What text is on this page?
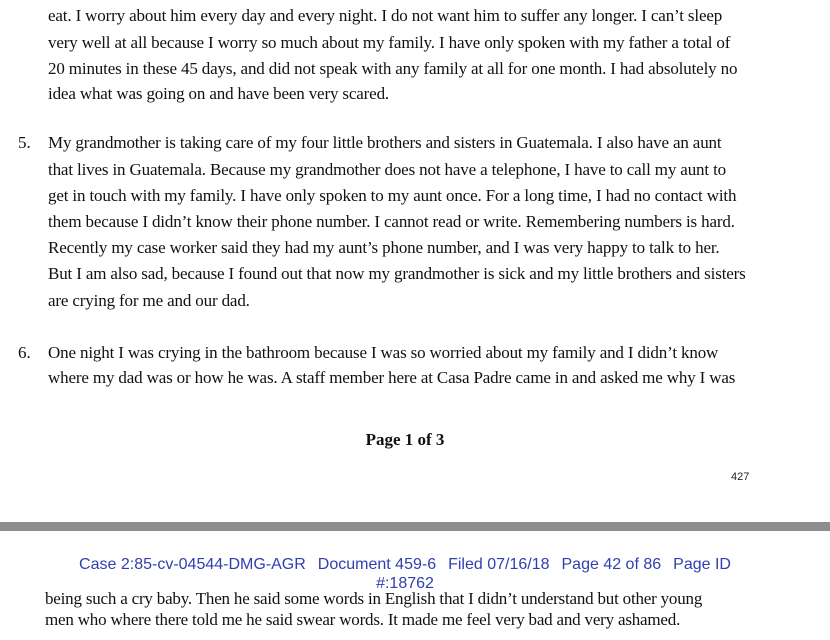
eat. I worry about him every day and every night. I do not want him to suffer any longer. I can’t sleep
very well at all because I worry so much about my family. I have only spoken with my father a total of
20 minutes in these 45 days, and did not speak with any family at all for one month. I had absolutely no
idea what was going on and have been very scared.
5. My grandmother is taking care of my four little brothers and sisters in Guatemala. I also have an aunt
that lives in Guatemala. Because my grandmother does not have a telephone, I have to call my aunt to
get in touch with my family. I have only spoken to my aunt once. For a long time, I had no contact with
them because I didn’t know their phone number. I cannot read or write. Remembering numbers is hard.
Recently my case worker said they had my aunt’s phone number, and I was very happy to talk to her.
But I am also sad, because I found out that now my grandmother is sick and my little brothers and sisters
are crying for me and our dad.
6. One night I was crying in the bathroom because I was so worried about my family and I didn’t know
where my dad was or how he was. A staff member here at Casa Padre came in and asked me why I was
Page 1 of 3
427
Case 2:85-cv-04544-DMG-AGR Document 459-6 Filed 07/16/18 Page 42 of 86 Page ID
#:18762
being such a cry baby. Then he said some words in English that I didn’t understand but other young
men who where there told me he said swear words. It made me feel very bad and very ashamed.
